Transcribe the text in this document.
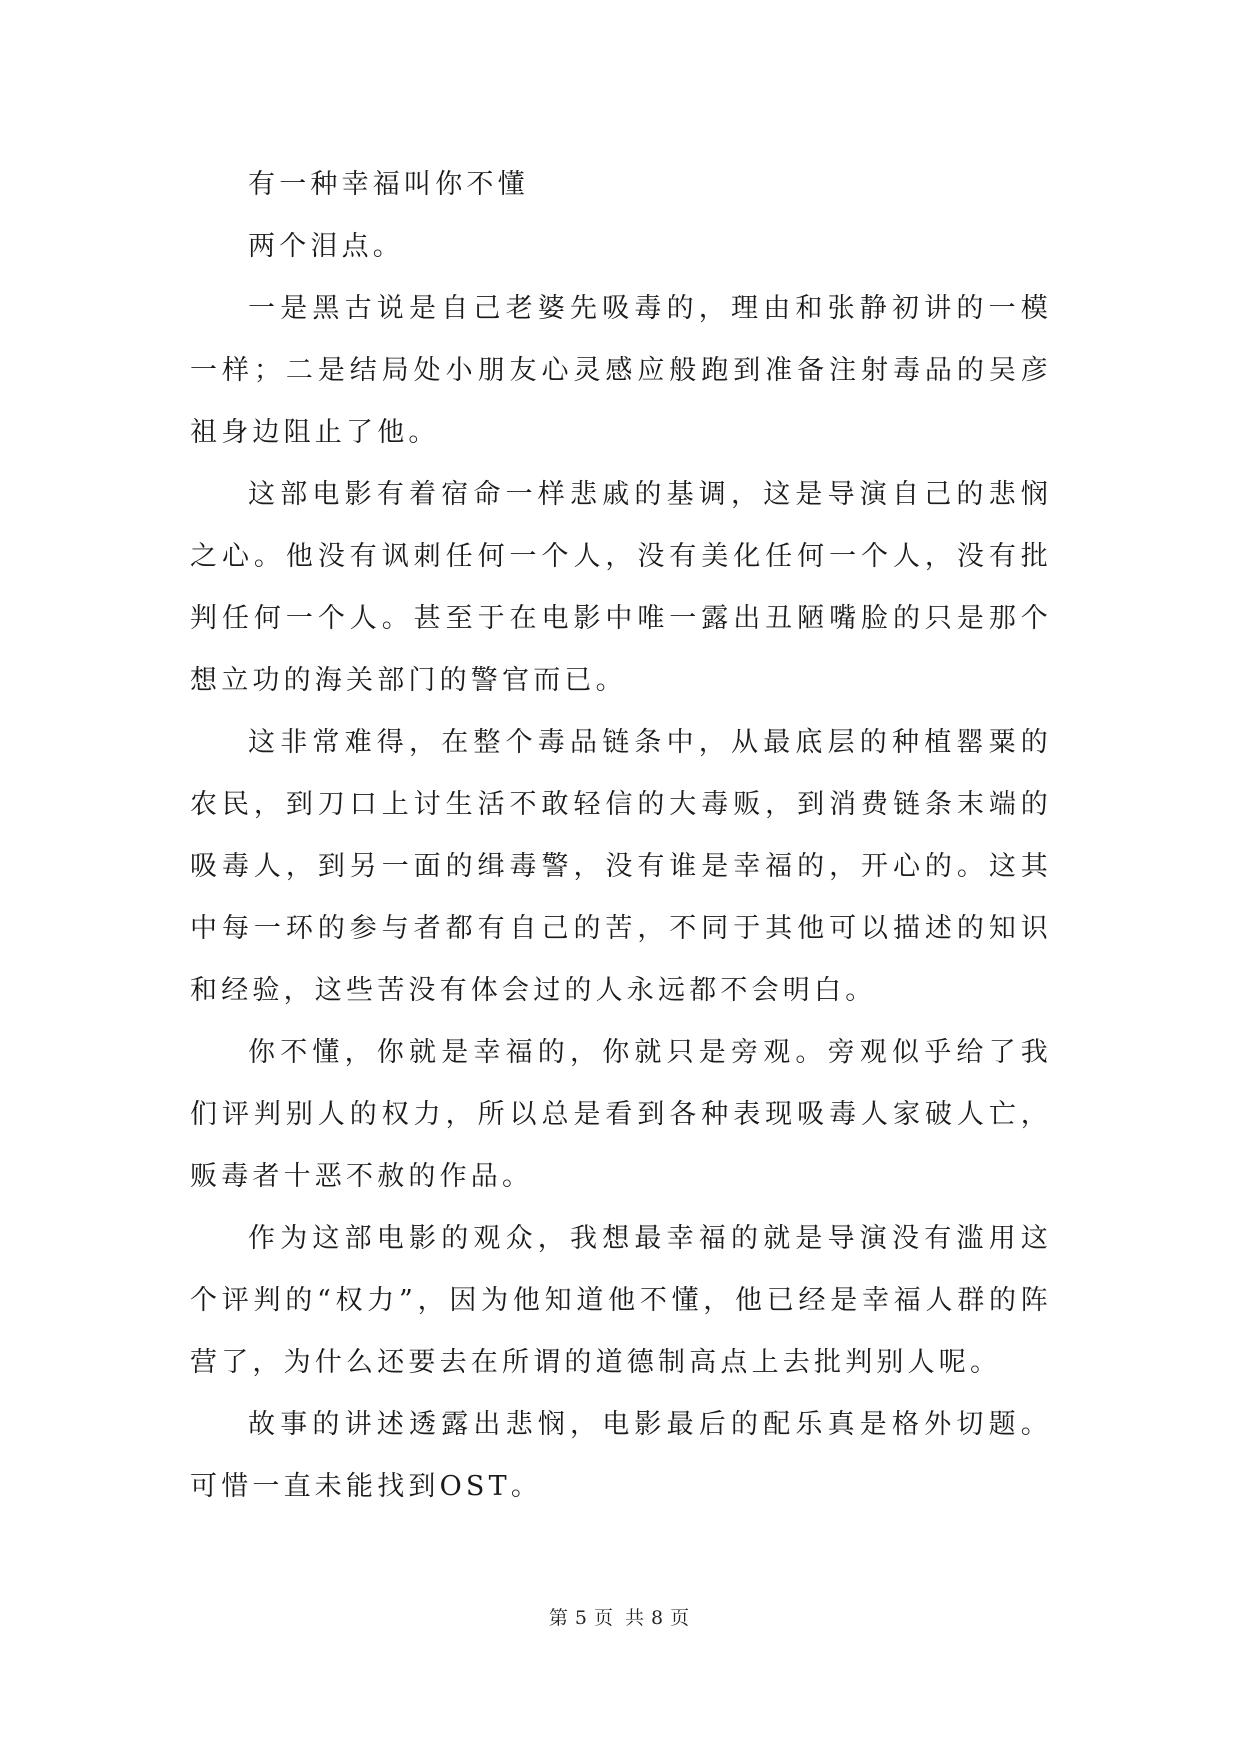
有一种幸福叫你不懂

两个泪点。

一是黑古说是自己老婆先吸毒的，理由和张静初讲的一模一样；二是结局处小朋友心灵感应般跑到准备注射毒品的吴彦祖身边阻止了他。

这部电影有着宿命一样悲戚的基调，这是导演自己的悲悯之心。他没有讽刺任何一个人，没有美化任何一个人，没有批判任何一个人。甚至于在电影中唯一露出丑陋嘴脸的只是那个想立功的海关部门的警官而已。

这非常难得，在整个毒品链条中，从最底层的种植罂粟的农民，到刀口上讨生活不敢轻信的大毒贩，到消费链条末端的吸毒人，到另一面的缉毒警，没有谁是幸福的，开心的。这其中每一环的参与者都有自己的苦，不同于其他可以描述的知识和经验，这些苦没有体会过的人永远都不会明白。

你不懂，你就是幸福的，你就只是旁观。旁观似乎给了我们评判别人的权力，所以总是看到各种表现吸毒人家破人亡，贩毒者十恶不赦的作品。

作为这部电影的观众，我想最幸福的就是导演没有滥用这个评判的“权力”，因为他知道他不懂，他已经是幸福人群的阵营了，为什么还要去在所谓的道德制高点上去批判别人呢。

故事的讲述透露出悲悯，电影最后的配乐真是格外切题。可惜一直未能找到OST。

第 5 页 共 8 页
